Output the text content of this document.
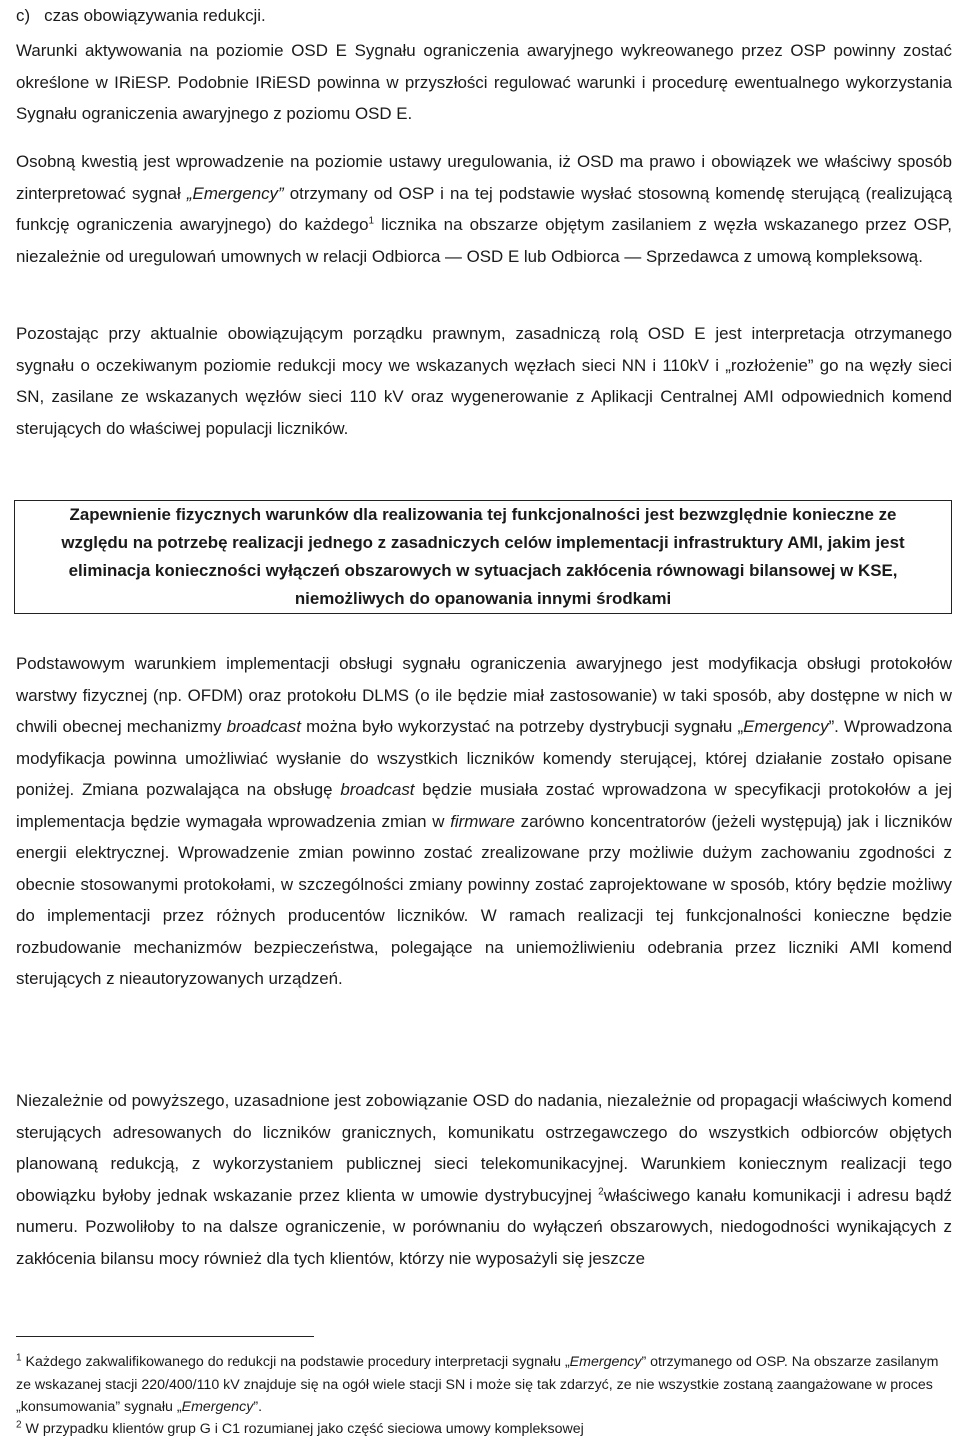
c)   czas obowiązywania redukcji.

Warunki aktywowania na poziomie OSD E Sygnału ograniczenia awaryjnego wykreowanego przez OSP powinny zostać określone w IRiESP. Podobnie IRiESD powinna w przyszłości regulować warunki i procedurę ewentualnego wykorzystania Sygnału ograniczenia awaryjnego z poziomu OSD E.

Osobną kwestią jest wprowadzenie na poziomie ustawy uregulowania, iż OSD ma prawo i obowiązek we właściwy sposób zinterpretować sygnał „Emergency” otrzymany od OSP i na tej podstawie wysłać stosowną komendę sterującą (realizującą funkcję ograniczenia awaryjnego) do każdego$^1$ licznika na obszarze objętym zasilaniem z węzła wskazanego przez OSP, niezależnie od uregulowań umownych w relacji Odbiorca — OSD E lub Odbiorca — Sprzedawca z umową kompleksową.

Pozostając przy aktualnie obowiązującym porządku prawnym, zasadniczą rolą OSD E jest interpretacja otrzymanego sygnału o oczekiwanym poziomie redukcji mocy we wskazanych węzłach sieci NN i 110kV i „rozłożenie” go na węzły sieci SN, zasilane ze wskazanych węzłów sieci 110 kV oraz wygenerowanie z Aplikacji Centralnej AMI odpowiednich komend sterujących do właściwej populacji liczników.

Zapewnienie fizycznych warunków dla realizowania tej funkcjonalności jest bezwzględnie konieczne ze względu na potrzebę realizacji jednego z zasadniczych celów implementacji infrastruktury AMI, jakim jest eliminacja konieczności wyłączeń obszarowych w sytuacjach zakłócenia równowagi bilansowej w KSE, niemożliwych do opanowania innymi środkami

Podstawowym warunkiem implementacji obsługi sygnału ograniczenia awaryjnego jest modyfikacja obsługi protokołów warstwy fizycznej (np. OFDM) oraz protokołu DLMS (o ile będzie miał zastosowanie) w taki sposób, aby dostępne w nich w chwili obecnej mechanizmy broadcast można było wykorzystać na potrzeby dystrybucji sygnału „Emergency”. Wprowadzona modyfikacja powinna umożliwiać wysłanie do wszystkich liczników komendy sterującej, której działanie zostało opisane poniżej. Zmiana pozwalająca na obsługę broadcast będzie musiała zostać wprowadzona w specyfikacji protokołów a jej implementacja będzie wymagała wprowadzenia zmian w firmware zarówno koncentratorów (jeżeli występują) jak i liczników energii elektrycznej. Wprowadzenie zmian powinno zostać zrealizowane przy możliwie dużym zachowaniu zgodności z obecnie stosowanymi protokołami, w szczególności zmiany powinny zostać zaprojektowane w sposób, który będzie możliwy do implementacji przez różnych producentów liczników. W ramach realizacji tej funkcjonalności konieczne będzie rozbudowanie mechanizmów bezpieczeństwa, polegające na uniemożliwieniu odebrania przez liczniki AMI komend sterujących z nieautoryzowanych urządzeń.

Niezależnie od powyższego, uzasadnione jest zobowiązanie OSD do nadania, niezależnie od propagacji właściwych komend sterujących adresowanych do liczników granicznych, komunikatu ostrzegawczego do wszystkich odbiorców objętych planowaną redukcją, z wykorzystaniem publicznej sieci telekomunikacyjnej. Warunkiem koniecznym realizacji tego obowiązku byłoby jednak wskazanie przez klienta w umowie dystrybucyjnej $^2$właściwego kanału komunikacji i adresu bądź numeru. Pozwoliłoby to na dalsze ograniczenie, w porównaniu do wyłączeń obszarowych, niedogodności wynikających z zakłócenia bilansu mocy również dla tych klientów, którzy nie wyposażyli się jeszcze

$^1$ Każdego zakwalifikowanego do redukcji na podstawie procedury interpretacji sygnału „Emergency” otrzymanego od OSP. Na obszarze zasilanym ze wskazanej stacji 220/400/110 kV znajduje się na ogół wiele stacji SN i może się tak zdarzyć, ze nie wszystkie zostaną zaangażowane w proces „konsumowania” sygnału „Emergency”.

$^2$ W przypadku klientów grup G i C1 rozumianej jako część sieciowa umowy kompleksowej
